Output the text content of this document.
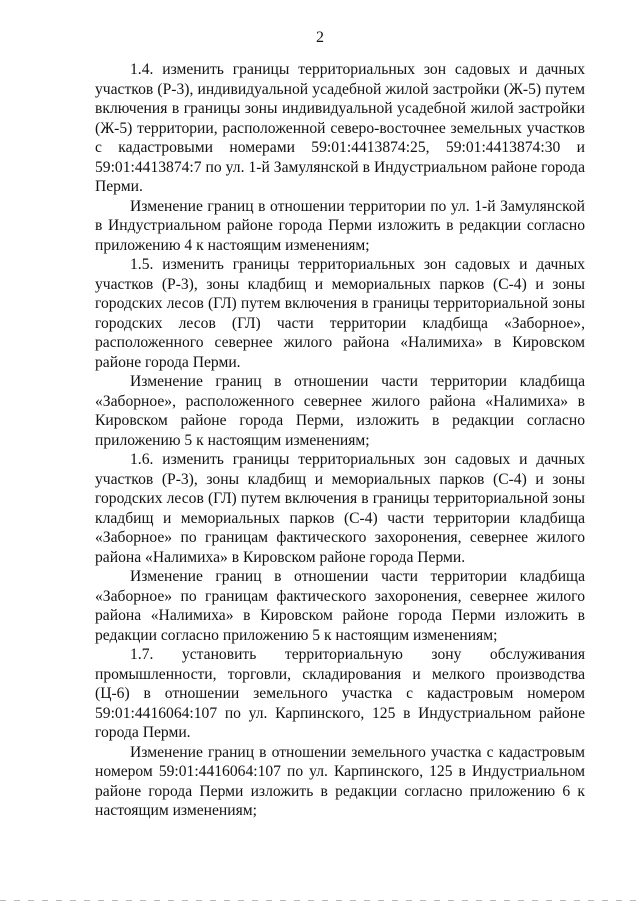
2

1.4. изменить границы территориальных зон садовых и дачных участков (Р-3), индивидуальной усадебной жилой застройки (Ж-5) путем включения в границы зоны индивидуальной усадебной жилой застройки (Ж-5) территории, расположенной северо-восточнее земельных участков с кадастровыми номерами 59:01:4413874:25, 59:01:4413874:30 и 59:01:4413874:7 по ул. 1-й Замулянской в Индустриальном районе города Перми.

Изменение границ в отношении территории по ул. 1-й Замулянской в Индустриальном районе города Перми изложить в редакции согласно приложению 4 к настоящим изменениям;

1.5. изменить границы территориальных зон садовых и дачных участков (Р-3), зоны кладбищ и мемориальных парков (С-4) и зоны городских лесов (ГЛ) путем включения в границы территориальной зоны городских лесов (ГЛ) части территории кладбища «Заборное», расположенного севернее жилого района «Налимиха» в Кировском районе города Перми.

Изменение границ в отношении части территории кладбища «Заборное», расположенного севернее жилого района «Налимиха» в Кировском районе города Перми, изложить в редакции согласно приложению 5 к настоящим изменениям;

1.6. изменить границы территориальных зон садовых и дачных участков (Р-3), зоны кладбищ и мемориальных парков (С-4) и зоны городских лесов (ГЛ) путем включения в границы территориальной зоны кладбищ и мемориальных парков (С-4) части территории кладбища «Заборное» по границам фактического захоронения, севернее жилого района «Налимиха» в Кировском районе города Перми.

Изменение границ в отношении части территории кладбища «Заборное» по границам фактического захоронения, севернее жилого района «Налимиха» в Кировском районе города Перми изложить в редакции согласно приложению 5 к настоящим изменениям;

1.7. установить территориальную зону обслуживания промышленности, торговли, складирования и мелкого производства (Ц-6) в отношении земельного участка с кадастровым номером 59:01:4416064:107 по ул. Карпинского, 125 в Индустриальном районе города Перми.

Изменение границ в отношении земельного участка с кадастровым номером 59:01:4416064:107 по ул. Карпинского, 125 в Индустриальном районе города Перми изложить в редакции согласно приложению 6 к настоящим изменениям;
